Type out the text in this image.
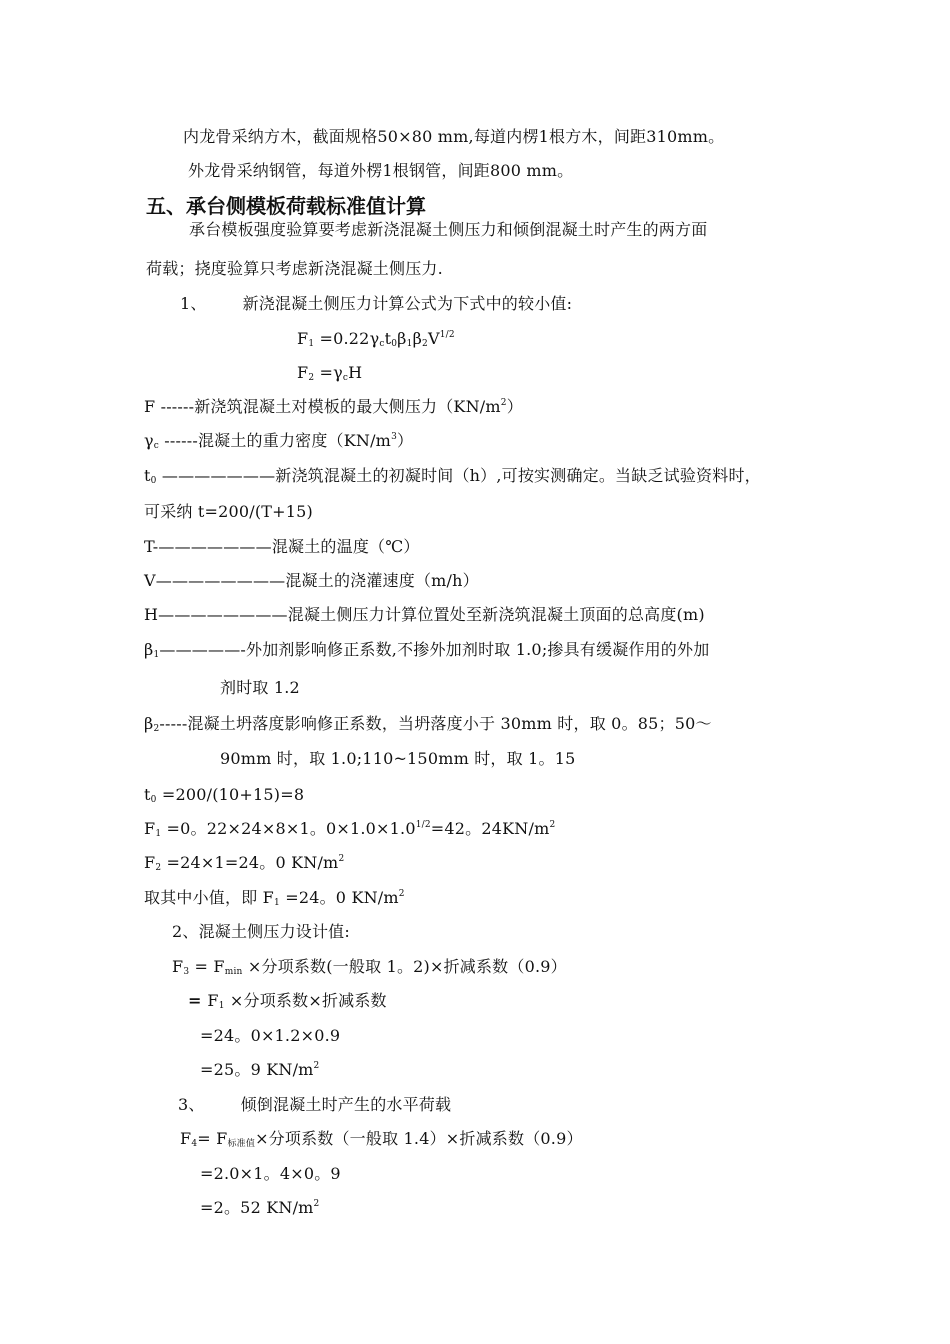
内龙骨采纳方木，截面规格50×80 mm,每道内楞1根方木，间距310mm。
外龙骨采纳钢管，每道外楞1根钢管，间距800 mm。
五、承台侧模板荷载标准值计算
承台模板强度验算要考虑新浇混凝土侧压力和倾倒混凝土时产生的两方面
荷载；挠度验算只考虑新浇混凝土侧压力.
1、 新浇混凝土侧压力计算公式为下式中的较小值:
$F_1 =0.22\gamma_ct_0\beta_1\beta_2V^{1/2}$
$F_2 =\gamma_cH$
F ------新浇筑混凝土对模板的最大侧压力$(KN/m^2)$
$\gamma_c$ ------混凝土的重力密度$(KN/m^3)$
$t_0$ ———————新浇筑混凝土的初凝时间（h）,可按实测确定。当缺乏试验资料时，
可采纳 t=200/(T+15)
T-———————混凝土的温度（℃）
V————————混凝土的浇灌速度（m/h）
H————————混凝土侧压力计算位置处至新浇筑混凝土顶面的总高度(m)
$\beta_1—————-$外加剂影响修正系数,不掺外加剂时取 1.0;掺具有缓凝作用的外加
剂时取 1.2
$\beta_2-----$混凝土坍落度影响修正系数，当坍落度小于 30mm 时，取 0。85；50～
90mm 时，取 1.0;110~150mm 时，取 1。15
$t_0 =200/(10+15)=8$
$F_1 =0$。22×24×8×1。$0\times 1.0\times 1.0^{1/2}=42$。$24KN/m^2$
$F_2 =24\times 1=24$。0 $KN/m^2$
取其中小值，即 $F_1 =24$。0 $KN/m^2$
2、混凝土侧压力设计值:
$F_3 = F_{min}$ ×分项系数(一般取 1。2)×折减系数（0.9）
= $F_1$ ×分项系数×折减系数
=24。0×1.2×0.9
=25。9 $KN/m^2$
3、 倾倒混凝土时产生的水平荷载
$F_4= F_{标准值}\times$分项系数（一般取 1.4）×折减系数（0.9）
=2.0×1。4×0。9
=2。52 $KN/m^2$
